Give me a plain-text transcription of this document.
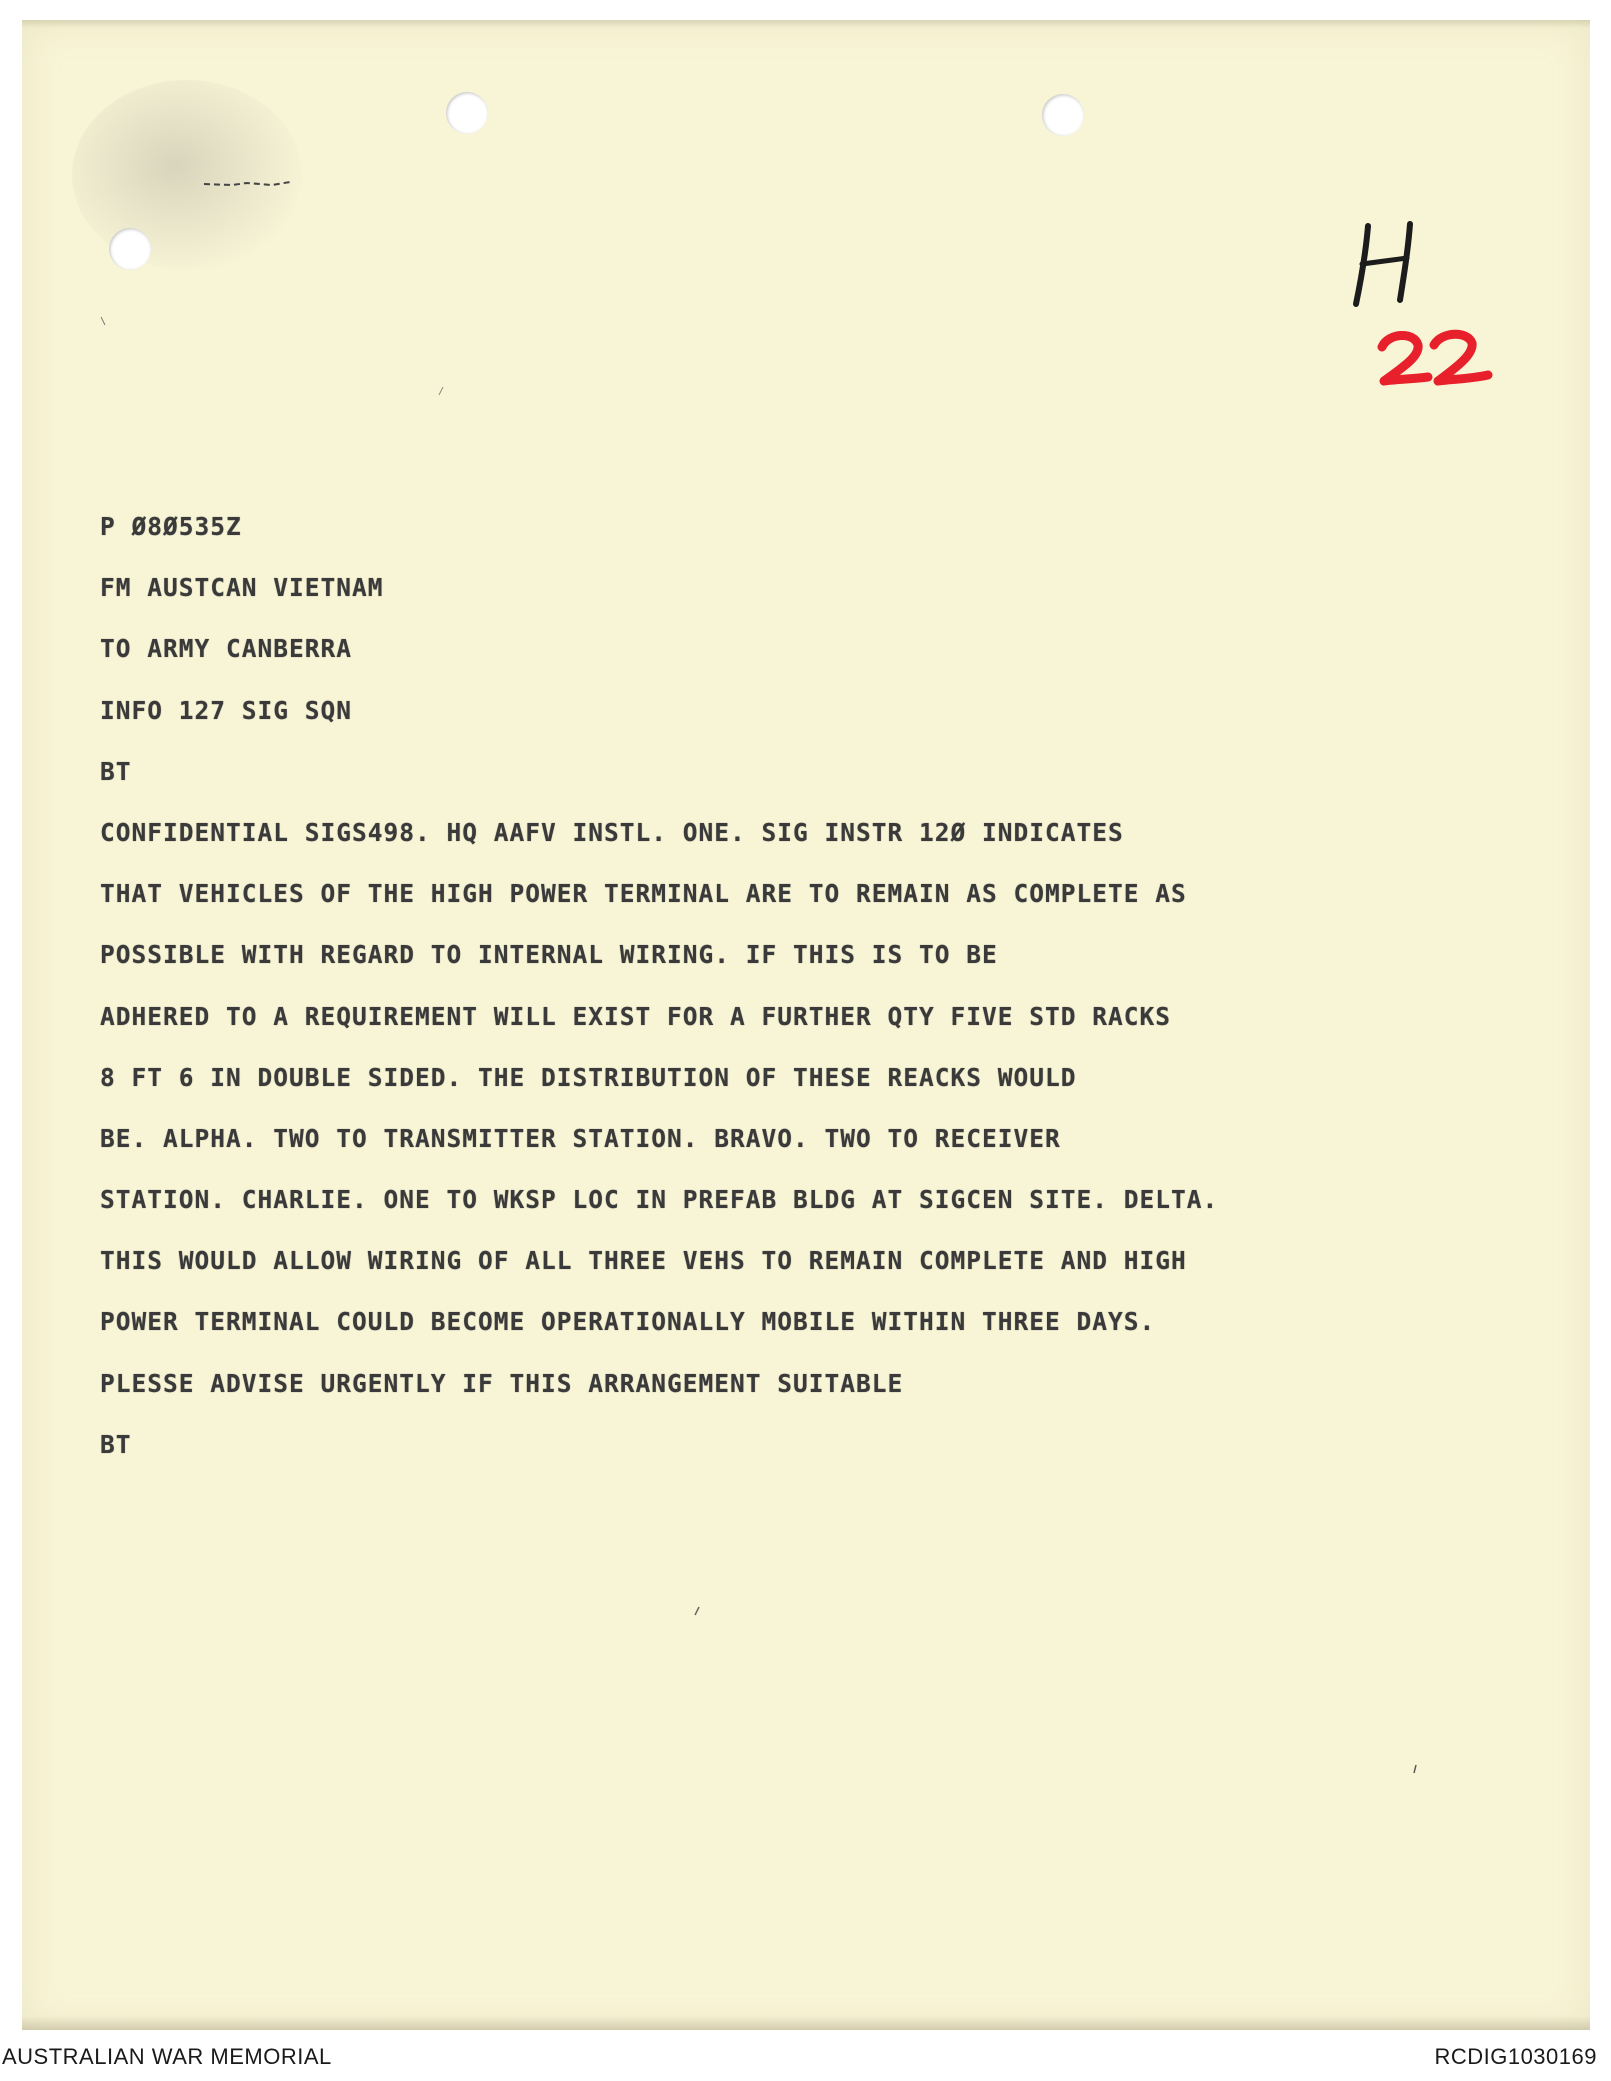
P Ø8Ø535Z
FM AUSTCAN VIETNAM
TO ARMY CANBERRA
INFO 127 SIG SQN
BT
CONFIDENTIAL SIGS498. HQ AAFV INSTL. ONE. SIG INSTR 12Ø INDICATES
THAT VEHICLES OF THE HIGH POWER TERMINAL ARE TO REMAIN AS COMPLETE AS
POSSIBLE WITH REGARD TO INTERNAL WIRING. IF THIS IS TO BE
ADHERED TO A REQUIREMENT WILL EXIST FOR A FURTHER QTY FIVE STD RACKS
8 FT 6 IN DOUBLE SIDED. THE DISTRIBUTION OF THESE REACKS WOULD
BE. ALPHA. TWO TO TRANSMITTER STATION. BRAVO. TWO TO RECEIVER
STATION. CHARLIE. ONE TO WKSP LOC IN PREFAB BLDG AT SIGCEN SITE. DELTA.
THIS WOULD ALLOW WIRING OF ALL THREE VEHS TO REMAIN COMPLETE AND HIGH
POWER TERMINAL COULD BECOME OPERATIONALLY MOBILE WITHIN THREE DAYS.
PLESSE ADVISE URGENTLY IF THIS ARRANGEMENT SUITABLE
BT
AUSTRALIAN WAR MEMORIAL	RCDIG1030169
